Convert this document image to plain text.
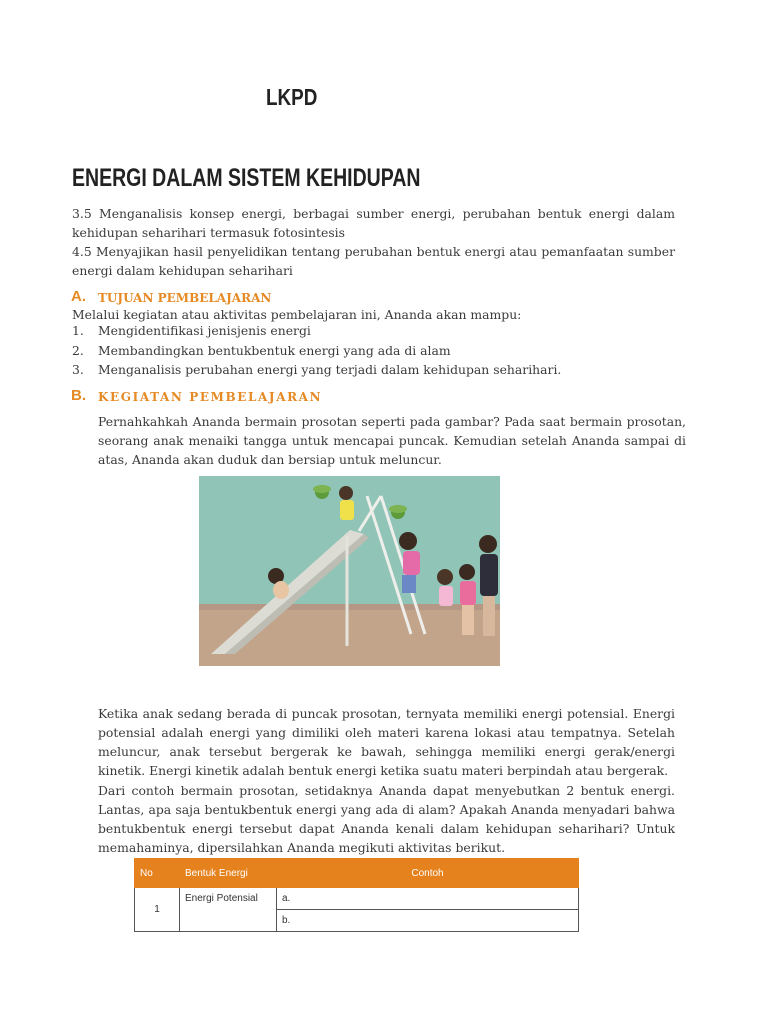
LKPD
ENERGI DALAM SISTEM KEHIDUPAN

3.5 Menganalisis konsep energi, berbagai sumber energi, perubahan bentuk energi dalam kehidupan seharihari termasuk fotosintesis

4.5 Menyajikan hasil penyelidikan tentang perubahan bentuk energi atau pemanfaatan sumber energi dalam kehidupan seharihari

A. TUJUAN PEMBELAJARAN
Melalui kegiatan atau aktivitas pembelajaran ini, Ananda akan mampu:
1. Mengidentifikasi jenisjenis energi
2. Membandingkan bentukbentuk energi yang ada di alam
3. Menganalisis perubahan energi yang terjadi dalam kehidupan seharihari.
B. KEGIATAN PEMBELAJARAN

Pernahkahkah Ananda bermain prosotan seperti pada gambar? Pada saat bermain prosotan, seorang anak menaiki tangga untuk mencapai puncak. Kemudian setelah Ananda sampai di atas, Ananda akan duduk dan bersiap untuk meluncur.

Ketika anak sedang berada di puncak prosotan, ternyata memiliki energi potensial. Energi potensial adalah energi yang dimiliki oleh materi karena lokasi atau tempatnya. Setelah meluncur, anak tersebut bergerak ke bawah, sehingga memiliki energi gerak/energi kinetik. Energi kinetik adalah bentuk energi ketika suatu materi berpindah atau bergerak.

Dari contoh bermain prosotan, setidaknya Ananda dapat menyebutkan 2 bentuk energi. Lantas, apa saja bentukbentuk energi yang ada di alam? Apakah Ananda menyadari bahwa bentukbentuk energi tersebut dapat Ananda kenali dalam kehidupan seharihari? Untuk memahaminya, dipersilahkan Ananda megikuti aktivitas berikut.

No	Bentuk Energi	Contoh
1	Energi Potensial	a.
		b.
